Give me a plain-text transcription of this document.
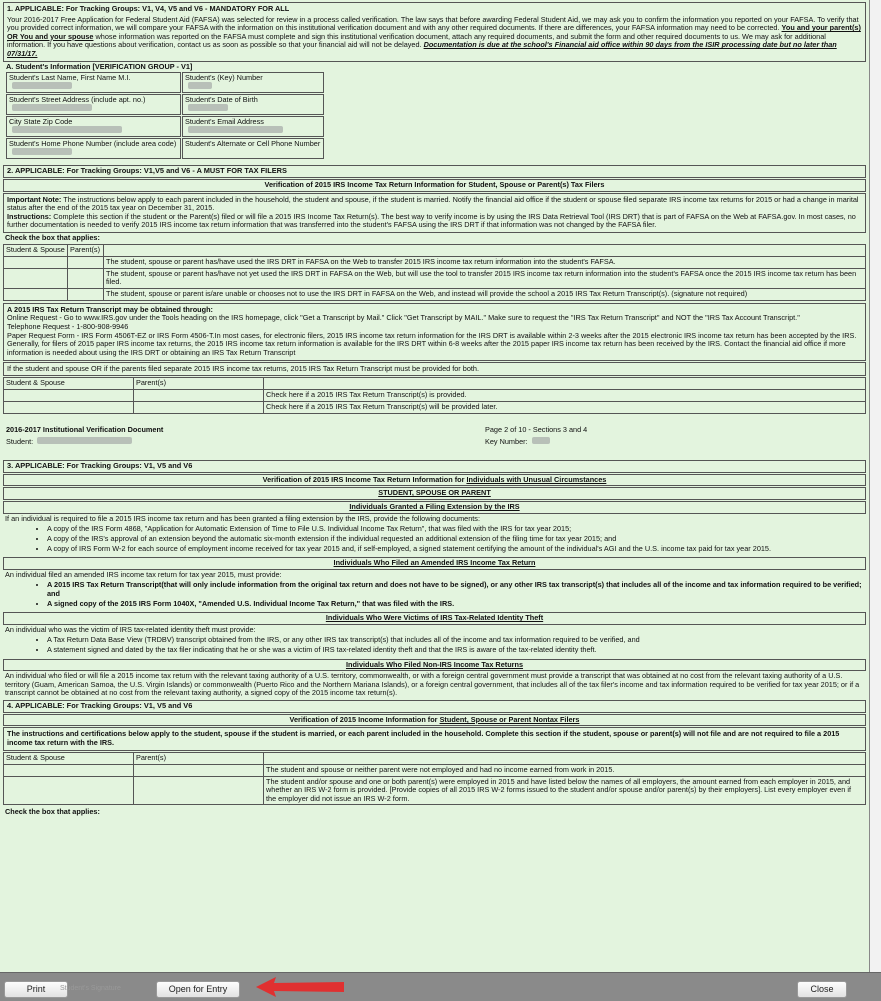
1. APPLICABLE: For Tracking Groups: V1, V4, V5 and V6 - MANDATORY FOR ALL
Your 2016-2017 Free Application for Federal Student Aid (FAFSA) was selected for review in a process called verification. The law says that before awarding Federal Student Aid, we may ask you to confirm the information you reported on your FAFSA. To verify that you provided correct information, we will compare your FAFSA with the information on this institutional verification document and with any other required documents. If there are differences, your FAFSA information may need to be corrected. You and your parent(s) OR You and your spouse whose information was reported on the FAFSA must complete and sign this institutional verification document, attach any required documents, and submit the form and other required documents to us. We may ask for additional information. If you have questions about verification, contact us as soon as possible so that your financial aid will not be delayed. Documentation is due at the school's Financial aid office within 90 days from the ISIR processing date but no later than 07/31/17.
A. Student's Information [VERIFICATION GROUP - V1]
Student's Last Name, First Name M.I.	Student's (Key) Number
Student's Street Address (include apt. no.)	Student's Date of Birth
City State Zip Code	Student's Email Address
Student's Home Phone Number (include area code)	Student's Alternate or Cell Phone Number
2. APPLICABLE: For Tracking Groups: V1,V5 and V6 - A MUST FOR TAX FILERS
Verification of 2015 IRS Income Tax Return Information for Student, Spouse or Parent(s) Tax Filers
Important Note: The instructions below apply to each parent included in the household, the student and spouse, if the student is married. Notify the financial aid office if the student or spouse filed separate IRS income tax returns for 2015 or had a change in marital status after the end of the 2015 tax year on December 31, 2015.
Instructions: Complete this section if the student or the Parent(s) filed or will file a 2015 IRS Income Tax Return(s). The best way to verify income is by using the IRS Data Retrieval Tool (IRS DRT) that is part of FAFSA on the Web at FAFSA.gov. In most cases, no further documentation is needed to verify 2015 IRS income tax return information that was transferred into the student's FAFSA using the IRS DRT if that information was not changed by the FAFSA filer.
Check the box that applies:
Student & Spouse Parent(s)
The student, spouse or parent has/have used the IRS DRT in FAFSA on the Web to transfer 2015 IRS income tax return information into the student's FAFSA.
The student, spouse or parent has/have not yet used the IRS DRT in FAFSA on the Web, but will use the tool to transfer 2015 IRS income tax return information into the student's FAFSA once the 2015 IRS income tax return has been filed.
The student, spouse or parent is/are unable or chooses not to use the IRS DRT in FAFSA on the Web, and instead will provide the school a 2015 IRS Tax Return Transcript(s). (signature not required)
A 2015 IRS Tax Return Transcript may be obtained through:
Online Request - Go to www.IRS.gov under the Tools heading on the IRS homepage, click "Get a Transcript by Mail." Click "Get Transcript by MAIL." Make sure to request the "IRS Tax Return Transcript" and NOT the "IRS Tax Account Transcript."
Telephone Request - 1-800-908-9946
Paper Request Form - IRS Form 4506T-EZ or IRS Form 4506-T.In most cases, for electronic filers, 2015 IRS income tax return information for the IRS DRT is available within 2-3 weeks after the 2015 electronic IRS income tax return has been accepted by the IRS. Generally, for filers of 2015 paper IRS income tax returns, the 2015 IRS income tax return information is available for the IRS DRT within 6-8 weeks after the 2015 paper IRS income tax return has been received by the IRS. Contact the financial aid office if more information is needed about using the IRS DRT or obtaining an IRS Tax Return Transcript
If the student and spouse OR if the parents filed separate 2015 IRS income tax returns, 2015 IRS Tax Return Transcript must be provided for both.
Student & Spouse	Parent(s)
Check here if a 2015 IRS Tax Return Transcript(s) is provided.
Check here if a 2015 IRS Tax Return Transcript(s) will be provided later.
2016-2017 Institutional Verification Document
Student:
Page 2 of 10 - Sections 3 and 4
Key Number:
3. APPLICABLE: For Tracking Groups: V1, V5 and V6
Verification of 2015 IRS Income Tax Return Information for Individuals with Unusual Circumstances
STUDENT, SPOUSE OR PARENT
Individuals Granted a Filing Extension by the IRS
If an individual is required to file a 2015 IRS income tax return and has been granted a filing extension by the IRS, provide the following documents:
• A copy of the IRS Form 4868, "Application for Automatic Extension of Time to File U.S. Individual Income Tax Return", that was filed with the IRS for tax year 2015;
• A copy of the IRS's approval of an extension beyond the automatic six-month extension if the individual requested an additional extension of the filing time for tax year 2015; and
• A copy of IRS Form W-2 for each source of employment income received for tax year 2015 and, if self-employed, a signed statement certifying the amount of the individual's AGI and the U.S. income tax paid for tax year 2015.
Individuals Who Filed an Amended IRS Income Tax Return
An individual filed an amended IRS income tax return for tax year 2015, must provide:
• A 2015 IRS Tax Return Transcript(that will only include information from the original tax return and does not have to be signed), or any other IRS tax transcript(s) that includes all of the income and tax information required to be verified; and
• A signed copy of the 2015 IRS Form 1040X, "Amended U.S. Individual Income Tax Return," that was filed with the IRS.
Individuals Who Were Victims of IRS Tax-Related Identity Theft
An individual who was the victim of IRS tax-related identity theft must provide:
• A Tax Return Data Base View (TRDBV) transcript obtained from the IRS, or any other IRS tax transcript(s) that includes all of the income and tax information required to be verified, and
• A statement signed and dated by the tax filer indicating that he or she was a victim of IRS tax-related identity theft and that the IRS is aware of the tax-related identity theft.
Individuals Who Filed Non-IRS Income Tax Returns
An individual who filed or will file a 2015 income tax return with the relevant taxing authority of a U.S. territory, commonwealth, or with a foreign central government must provide a transcript that was obtained at no cost from the relevant taxing authority of a U.S. territory (Guam, American Samoa, the U.S. Virgin Islands) or commonwealth (Puerto Rico and the Northern Mariana Islands), or a foreign central government, that includes all of the tax filer's income and tax information required to be verified for tax year 2015; or if a transcript cannot be obtained at no cost from the relevant taxing authority, a signed copy of the 2015 income tax return(s).
4. APPLICABLE: For Tracking Groups: V1, V5 and V6
Verification of 2015 Income Information for Student, Spouse or Parent Nontax Filers
The instructions and certifications below apply to the student, spouse if the student is married, or each parent included in the household. Complete this section if the student, spouse or parent(s) will not file and are not required to file a 2015 income tax return with the IRS.
Student & Spouse	Parent(s)
The student and spouse or neither parent were not employed and had no income earned from work in 2015.
The student and/or spouse and one or both parent(s) were employed in 2015 and have listed below the names of all employers, the amount earned from each employer in 2015, and whether an IRS W-2 form is provided. [Provide copies of all 2015 IRS W-2 forms issued to the student and/or spouse and/or parent(s) by their employers]. List every employer even if the employer did not issue an IRS W-2 form.
Check the box that applies:
Print	Open for Entry	Close
Student's Signature
